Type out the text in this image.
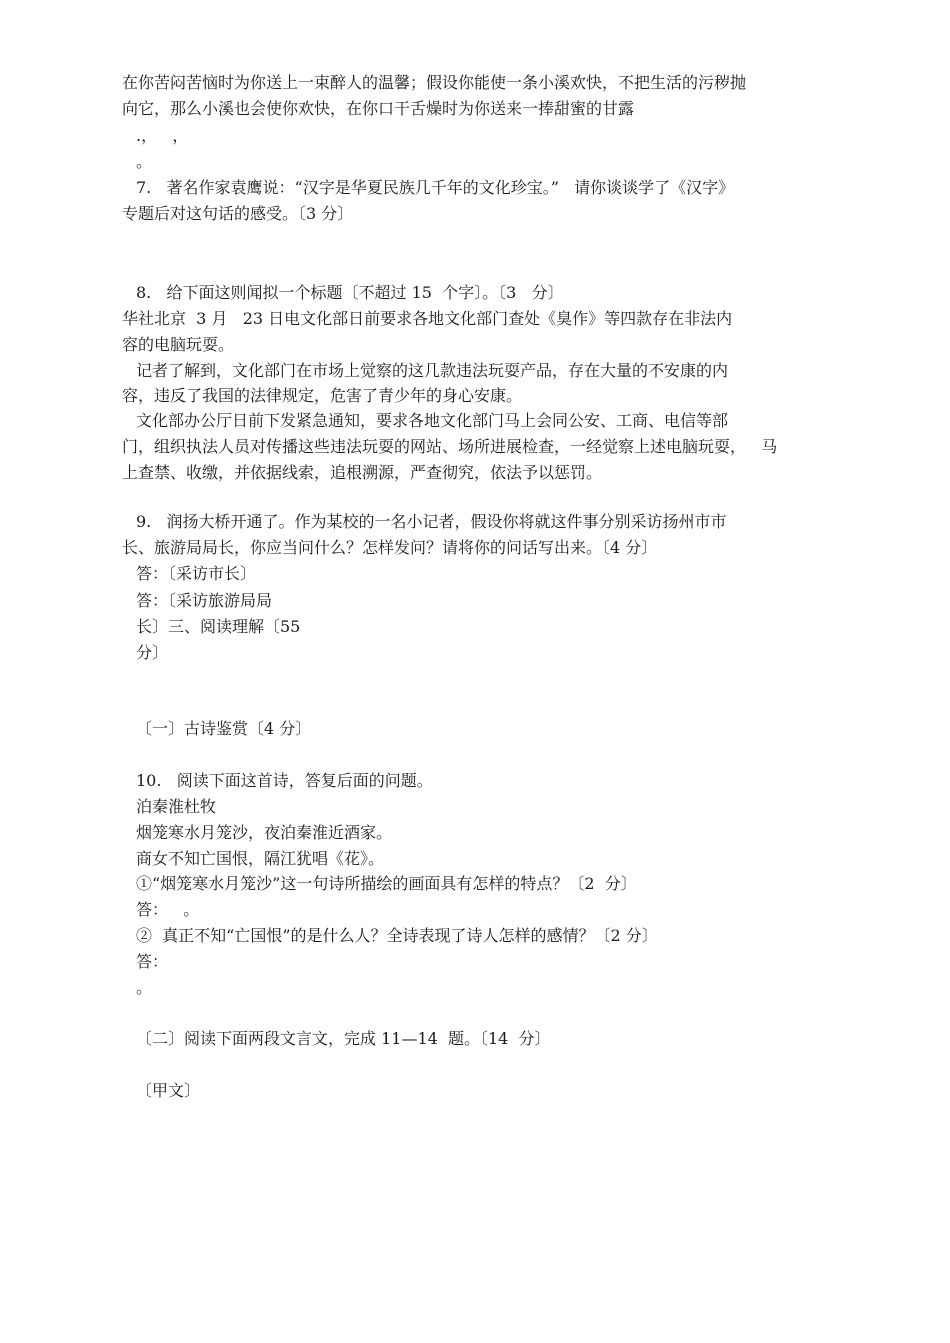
在你苦闷苦恼时为你送上一束醉人的温馨；假设你能使一条小溪欢快，不把生活的污秽抛
向它，那么小溪也会使你欢快，在你口干舌燥时为你送来一捧甜蜜的甘露
.，   ，
。
7.   著名作家袁鹰说：“汉字是华夏民族几千年的文化珍宝。”   请你谈谈学了《汉字》
专题后对这句话的感受。〔3 分〕
8.   给下面这则闻拟一个标题〔不超过 15  个字〕。〔3   分〕
华社北京  3 月   23 日电文化部日前要求各地文化部门查处《臭作》等四款存在非法内
容的电脑玩耍。
记者了解到，文化部门在市场上觉察的这几款违法玩耍产品，存在大量的不安康的内
容，违反了我国的法律规定，危害了青少年的身心安康。
文化部办公厅日前下发紧急通知，要求各地文化部门马上会同公安、工商、电信等部
门，组织执法人员对传播这些违法玩耍的网站、场所进展检查，一经觉察上述电脑玩耍，   马
上查禁、收缴，并依据线索，追根溯源，严查彻究，依法予以惩罚。
9.   润扬大桥开通了。作为某校的一名小记者，假设你将就这件事分别采访扬州市市
长、旅游局局长，你应当问什么？怎样发问？请将你的问话写出来。〔4 分〕
答：〔采访市长〕
答：〔采访旅游局局
长〕三、阅读理解〔55
分〕
〔一〕古诗鉴赏〔4 分〕
10.   阅读下面这首诗，答复后面的问题。
泊秦淮杜牧
烟笼寒水月笼沙，夜泊秦淮近酒家。
商女不知亡国恨，隔江犹唱《花》。
①“烟笼寒水月笼沙”这一句诗所描绘的画面具有怎样的特点？〔2  分〕
答：   。
②  真正不知“亡国恨”的是什么人？全诗表现了诗人怎样的感情？〔2 分〕
答：
。
〔二〕阅读下面两段文言文，完成 11—14  题。〔14  分〕
〔甲文〕
